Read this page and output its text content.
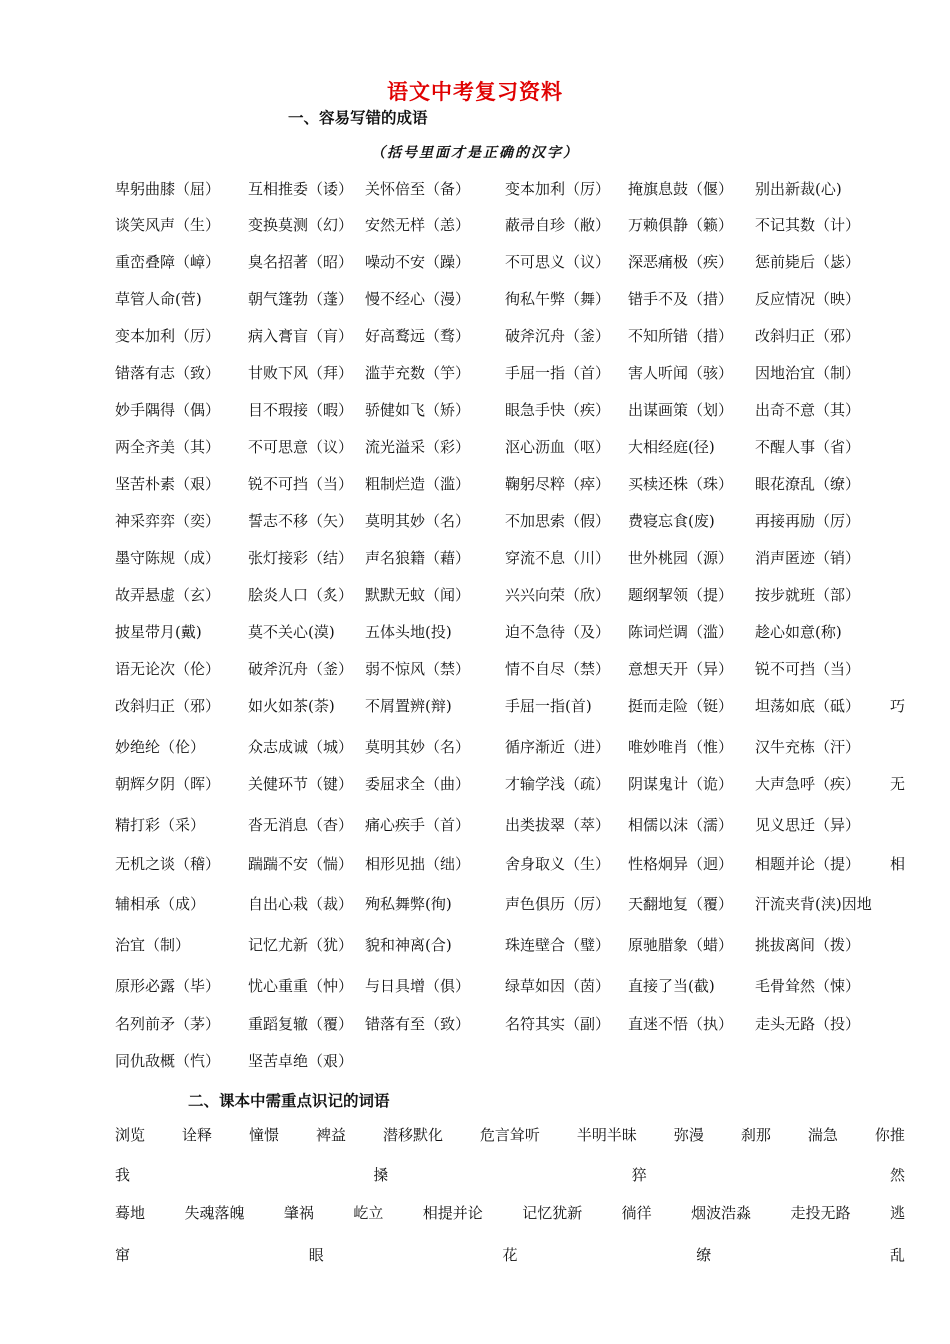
语文中考复习资料
一、容易写错的成语
（括号里面才是正确的汉字）
卑躬曲膝（屈） 互相推委（诿） 关怀倍至（备） 变本加利（厉） 掩旗息鼓（偃） 别出新裁(心)
谈笑风声（生） 变换莫测（幻） 安然无样（恙） 蔽帚自珍（敝） 万赖俱静（籁） 不记其数（计）
重峦叠障（嶂） 臭名招著（昭） 噪动不安（躁） 不可思义（议） 深恶痛极（疾） 惩前毙后（毖）
草管人命(菅)	朝气篷勃（蓬） 慢不经心（漫） 徇私午弊（舞） 错手不及（措） 反应情况（映）
变本加利（厉） 病入膏盲（肓） 好高鹜远（骛） 破斧沉舟（釜） 不知所错（措） 改斜归正（邪）
错落有志（致） 甘败下风（拜） 滥芋充数（竽） 手屈一指（首） 害人听闻（骇） 因地治宜（制）
妙手隅得（偶） 目不瑕接（暇） 骄健如飞（矫） 眼急手快（疾） 出谋画策（划） 出奇不意（其）
两全齐美（其） 不可思意（议） 流光溢采（彩） 沤心沥血（呕） 大相经庭(径)	不醒人事（省）
坚苦朴素（艰） 锐不可挡（当） 粗制烂造（滥） 鞠躬尽粹（瘁） 买椟还株（珠） 眼花潦乱（缭）
神采弈弈（奕） 誓志不移（矢） 莫明其妙（名） 不加思索（假） 费寝忘食(废)	再接再励（厉）
墨守陈规（成） 张灯接彩（结） 声名狼籍（藉） 穿流不息（川） 世外桃园（源） 消声匿迹（销）
故弄悬虚（玄） 脍炎人口（炙） 默默无蚊（闻） 兴兴向荣（欣） 题纲挈领（提） 按步就班（部）
披星带月(戴)	莫不关心(漠) 五体头地(投)	迫不急待（及） 陈词烂调（滥） 趁心如意(称)
语无论次（伦） 破斧沉舟（釜） 弱不惊风（禁） 情不自尽（禁） 意想天开（异） 锐不可挡（当）
改斜归正（邪） 如火如茶(荼) 不屑置辨(辩)	手屈一指(首) 挺而走险（铤） 坦荡如底（砥） 巧
妙绝纶（伦）	众志成诚（城） 莫明其妙（名） 循序渐近（进） 唯妙唯肖（惟） 汉牛充栋（汗）
朝辉夕阴（晖） 关健环节（键） 委屈求全（曲） 才输学浅（疏） 阴谋鬼计（诡） 大声急呼（疾） 无
精打彩（采）	沓无消息（杳） 痛心疾手（首） 出类拔翠（萃） 相儒以沫（濡） 见义思迁（异）
无机之谈（稽） 踹踹不安（惴） 相形见拙（绌） 舍身取义（生） 性格炯异（迥） 相题并论（提） 相
辅相承（成）	自出心栽（裁） 殉私舞弊(徇)	声色俱历（厉） 天翻地复（覆） 汗流夹背(浃)因地
治宜（制）	记忆尤新（犹） 貌和神离(合)	珠连壁合（璧） 原驰腊象（蜡） 挑拔离间（拨）
原形必露（毕） 忧心重重（忡） 与日具增（俱） 绿草如因（茵） 直接了当(截)	毛骨耸然（悚）
名列前矛（茅） 重蹈复辙（覆） 错落有至（致） 名符其实（副） 直迷不悟（执） 走头无路（投）
同仇敌概（忾） 坚苦卓绝（艰）
二、课本中需重点识记的词语
浏览 诠释 憧憬 裨益 潜移默化 危言耸听 半明半昧 弥漫 刹那 湍急 你推
我	搡	猝	然
蓦地	失魂落魄	肇祸	屹立	相提并论	记忆犹新	徜徉	烟波浩淼	走投无路	逃
窜	眼	花	缭	乱
